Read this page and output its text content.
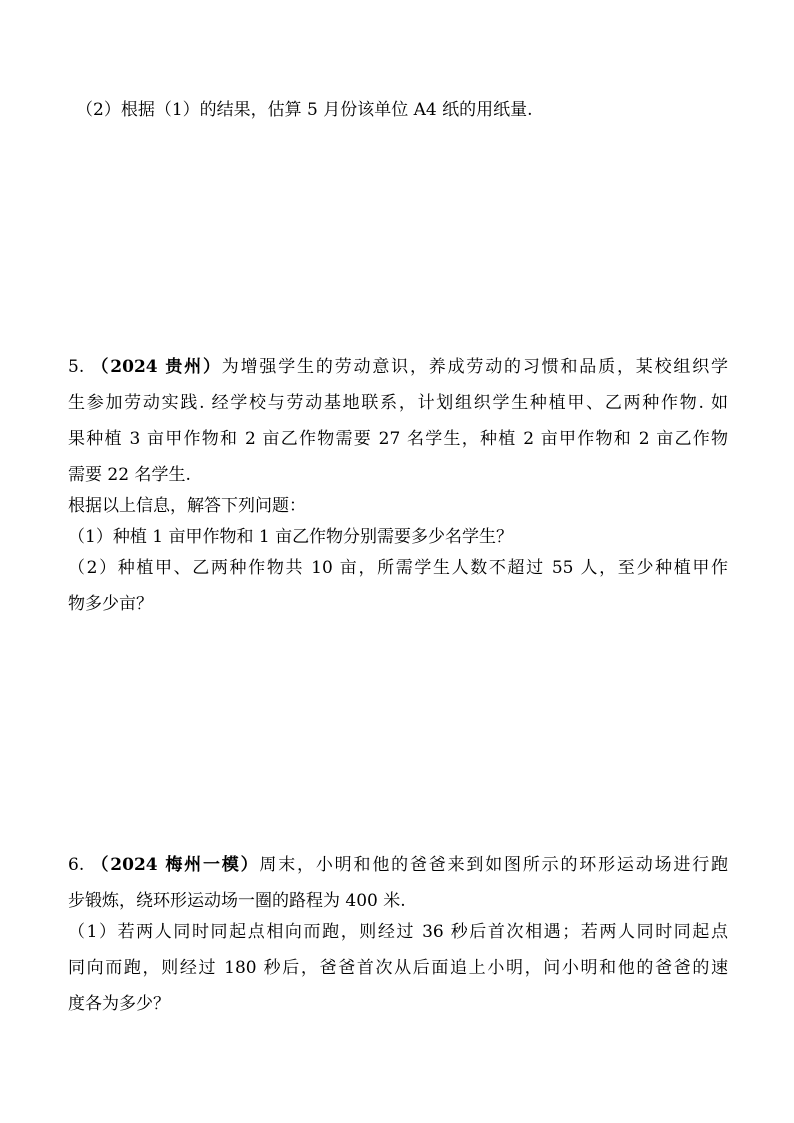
（2）根据（1）的结果，估算 5 月份该单位 A4 纸的用纸量.
5. （2024 贵州）为增强学生的劳动意识，养成劳动的习惯和品质，某校组织学
生参加劳动实践. 经学校与劳动基地联系，计划组织学生种植甲、乙两种作物. 如
果种植 3 亩甲作物和 2 亩乙作物需要 27 名学生，种植 2 亩甲作物和 2 亩乙作物
需要 22 名学生.
根据以上信息，解答下列问题：
（1）种植 1 亩甲作物和 1 亩乙作物分别需要多少名学生？
（2）种植甲、乙两种作物共 10 亩，所需学生人数不超过 55 人，至少种植甲作
物多少亩？
6. （2024 梅州一模）周末，小明和他的爸爸来到如图所示的环形运动场进行跑
步锻炼，绕环形运动场一圈的路程为 400 米.
（1）若两人同时同起点相向而跑，则经过 36 秒后首次相遇；若两人同时同起点
同向而跑，则经过 180 秒后，爸爸首次从后面追上小明，问小明和他的爸爸的速
度各为多少？
